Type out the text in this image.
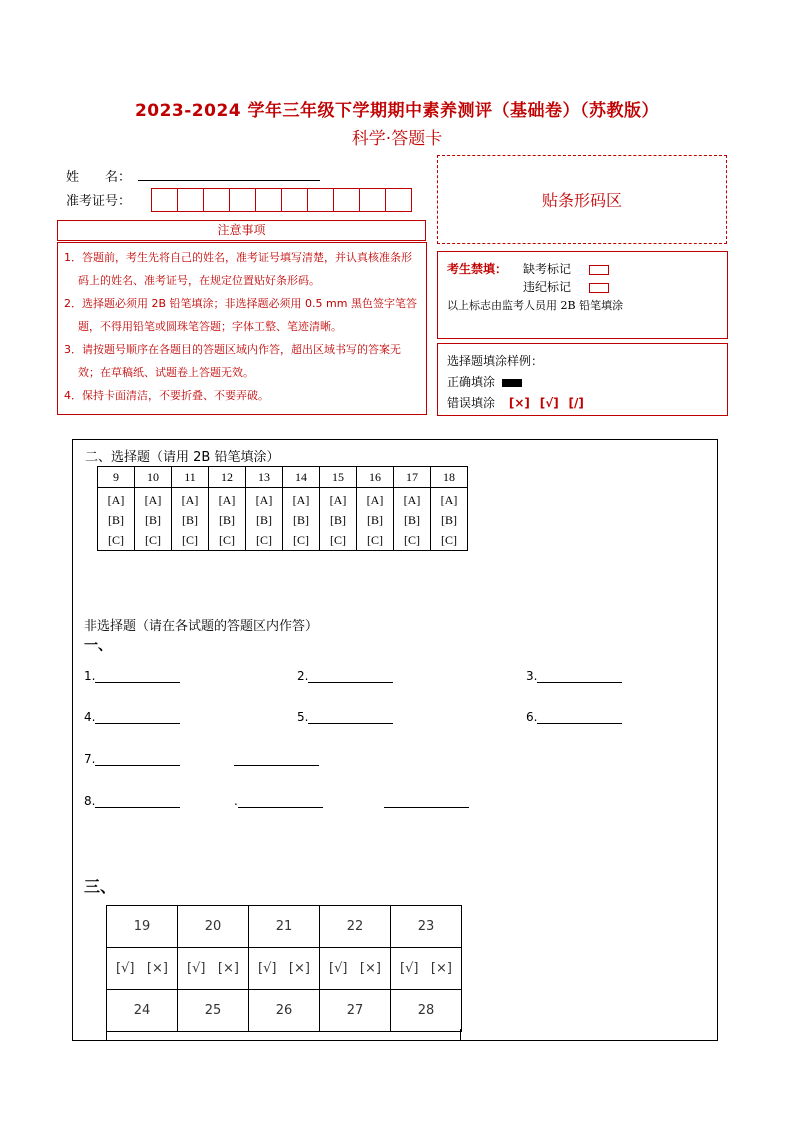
2023-2024 学年三年级下学期期中素养测评（基础卷）（苏教版）
科学·答题卡
姓　　名：
准考证号：	贴条形码区
注意事项
1．答题前，考生先将自己的姓名，准考证号填写清楚，并认真核准条形码上的姓名、准考证号，在规定位置贴好条形码。
2．选择题必须用 2B 铅笔填涂；非选择题必须用 0.5 mm 黑色签字笔答题，不得用铅笔或圆珠笔答题；字体工整、笔迹清晰。
3．请按题号顺序在各题目的答题区域内作答，超出区域书写的答案无效；在草稿纸、试题卷上答题无效。
4．保持卡面清洁，不要折叠、不要弄破。
考生禁填： 缺考标记
违纪标记
以上标志由监考人员用 2B 铅笔填涂
选择题填涂样例：
正确填涂
错误填涂 [×] [√] [/]
二、选择题（请用 2B 铅笔填涂）
9	10	11	12	13	14	15	16	17	18
[A]	[A]	[A]	[A]	[A]	[A]	[A]	[A]	[A]	[A]
[B]	[B]	[B]	[B]	[B]	[B]	[B]	[B]	[B]	[B]
[C]	[C]	[C]	[C]	[C]	[C]	[C]	[C]	[C]	[C]
非选择题（请在各试题的答题区内作答）
一、
1.	2.	3.
4.	5.	6.
7.
8.	.
三、
19	20	21	22	23
[√] [×]	[√] [×]	[√] [×]	[√] [×]	[√] [×]
24	25	26	27	28
